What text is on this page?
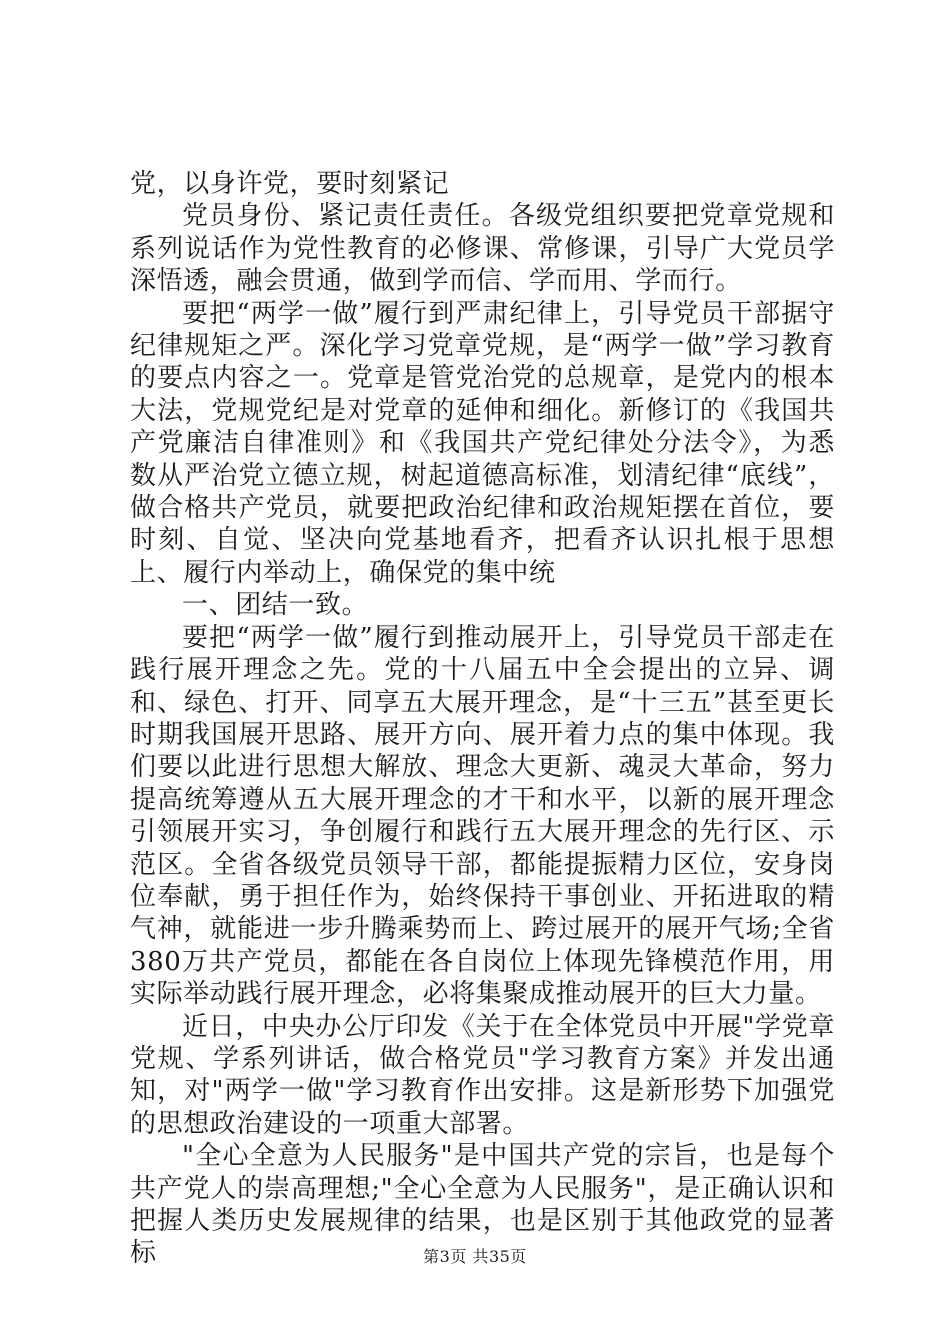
党，以身许党，要时刻紧记

党员身份、紧记责任责任。各级党组织要把党章党规和系列说话作为党性教育的必修课、常修课，引导广大党员学深悟透，融会贯通，做到学而信、学而用、学而行。

要把“两学一做”履行到严肃纪律上，引导党员干部据守纪律规矩之严。深化学习党章党规，是“两学一做”学习教育的要点内容之一。党章是管党治党的总规章，是党内的根本大法，党规党纪是对党章的延伸和细化。新修订的《我国共产党廉洁自律准则》和《我国共产党纪律处分法令》，为悉数从严治党立德立规，树起道德高标准，划清纪律“底线”，做合格共产党员，就要把政治纪律和政治规矩摆在首位，要时刻、自觉、坚决向党基地看齐，把看齐认识扎根于思想上、履行内举动上，确保党的集中统

一、团结一致。

要把“两学一做”履行到推动展开上，引导党员干部走在践行展开理念之先。党的十八届五中全会提出的立异、调和、绿色、打开、同享五大展开理念，是“十三五”甚至更长时期我国展开思路、展开方向、展开着力点的集中体现。我们要以此进行思想大解放、理念大更新、魂灵大革命，努力提高统筹遵从五大展开理念的才干和水平，以新的展开理念引领展开实习，争创履行和践行五大展开理念的先行区、示范区。全省各级党员领导干部，都能提振精力区位，安身岗位奉献，勇于担任作为，始终保持干事创业、开拓进取的精气神，就能进一步升腾乘势而上、跨过展开的展开气场;全省380万共产党员，都能在各自岗位上体现先锋模范作用，用实际举动践行展开理念，必将集聚成推动展开的巨大力量。

近日，中央办公厅印发《关于在全体党员中开展"学党章党规、学系列讲话，做合格党员"学习教育方案》并发出通知，对"两学一做"学习教育作出安排。这是新形势下加强党的思想政治建设的一项重大部署。

"全心全意为人民服务"是中国共产党的宗旨，也是每个共产党人的崇高理想;"全心全意为人民服务"，是正确认识和把握人类历史发展规律的结果，也是区别于其他政党的显著标	第3页 共35页
